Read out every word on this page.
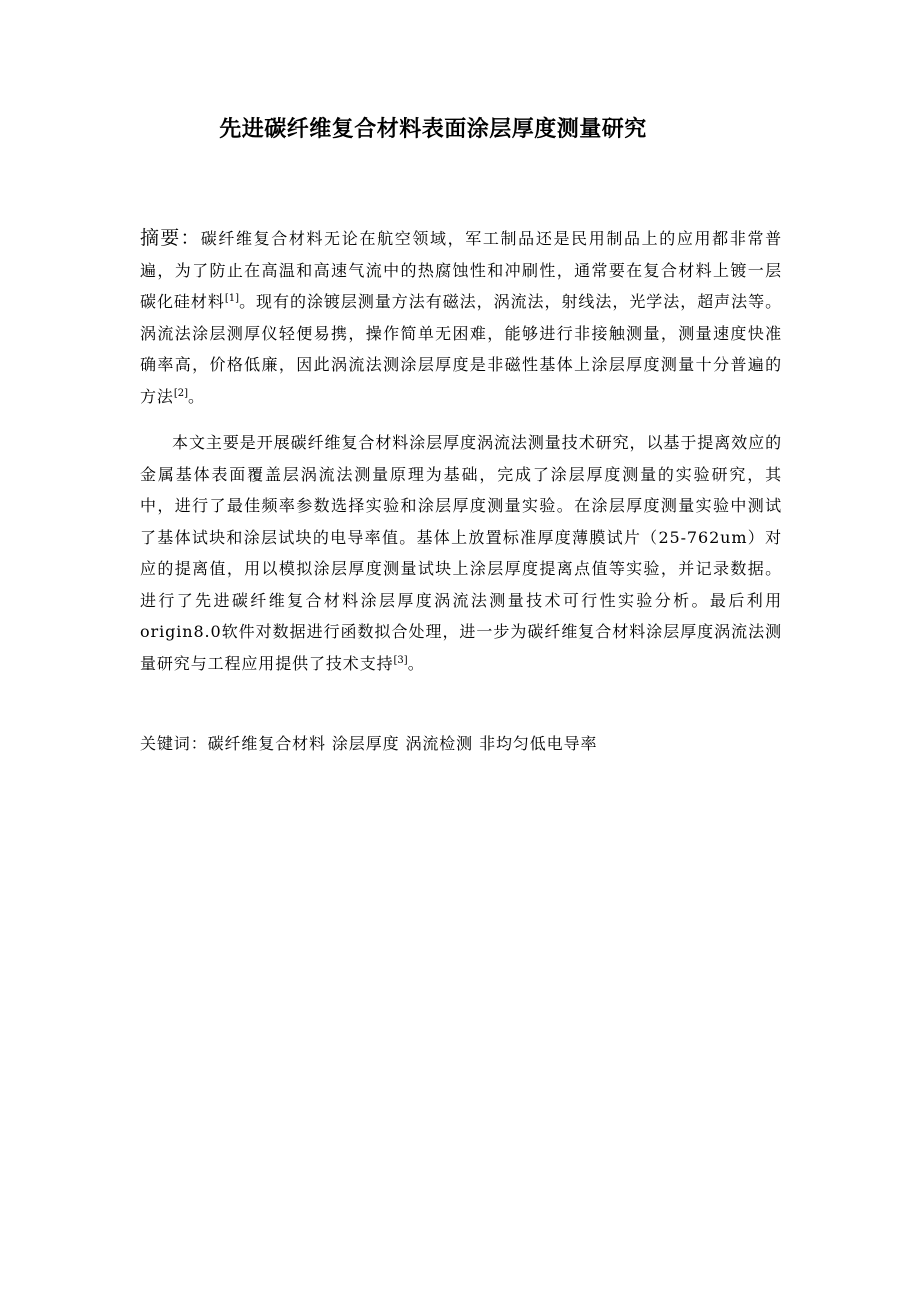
先进碳纤维复合材料表面涂层厚度测量研究

摘要：碳纤维复合材料无论在航空领域，军工制品还是民用制品上的应用都非常普遍，为了防止在高温和高速气流中的热腐蚀性和冲刷性，通常要在复合材料上镀一层碳化硅材料[1]。现有的涂镀层测量方法有磁法，涡流法，射线法，光学法，超声法等。涡流法涂层测厚仪轻便易携，操作简单无困难，能够进行非接触测量，测量速度快准确率高，价格低廉，因此涡流法测涂层厚度是非磁性基体上涂层厚度测量十分普遍的方法[2]。

本文主要是开展碳纤维复合材料涂层厚度涡流法测量技术研究，以基于提离效应的金属基体表面覆盖层涡流法测量原理为基础，完成了涂层厚度测量的实验研究，其中，进行了最佳频率参数选择实验和涂层厚度测量实验。在涂层厚度测量实验中测试了基体试块和涂层试块的电导率值。基体上放置标准厚度薄膜试片（25-762um）对应的提离值，用以模拟涂层厚度测量试块上涂层厚度提离点值等实验，并记录数据。进行了先进碳纤维复合材料涂层厚度涡流法测量技术可行性实验分析。最后利用origin8.0软件对数据进行函数拟合处理，进一步为碳纤维复合材料涂层厚度涡流法测量研究与工程应用提供了技术支持[3]。

关键词：碳纤维复合材料 涂层厚度 涡流检测 非均匀低电导率
